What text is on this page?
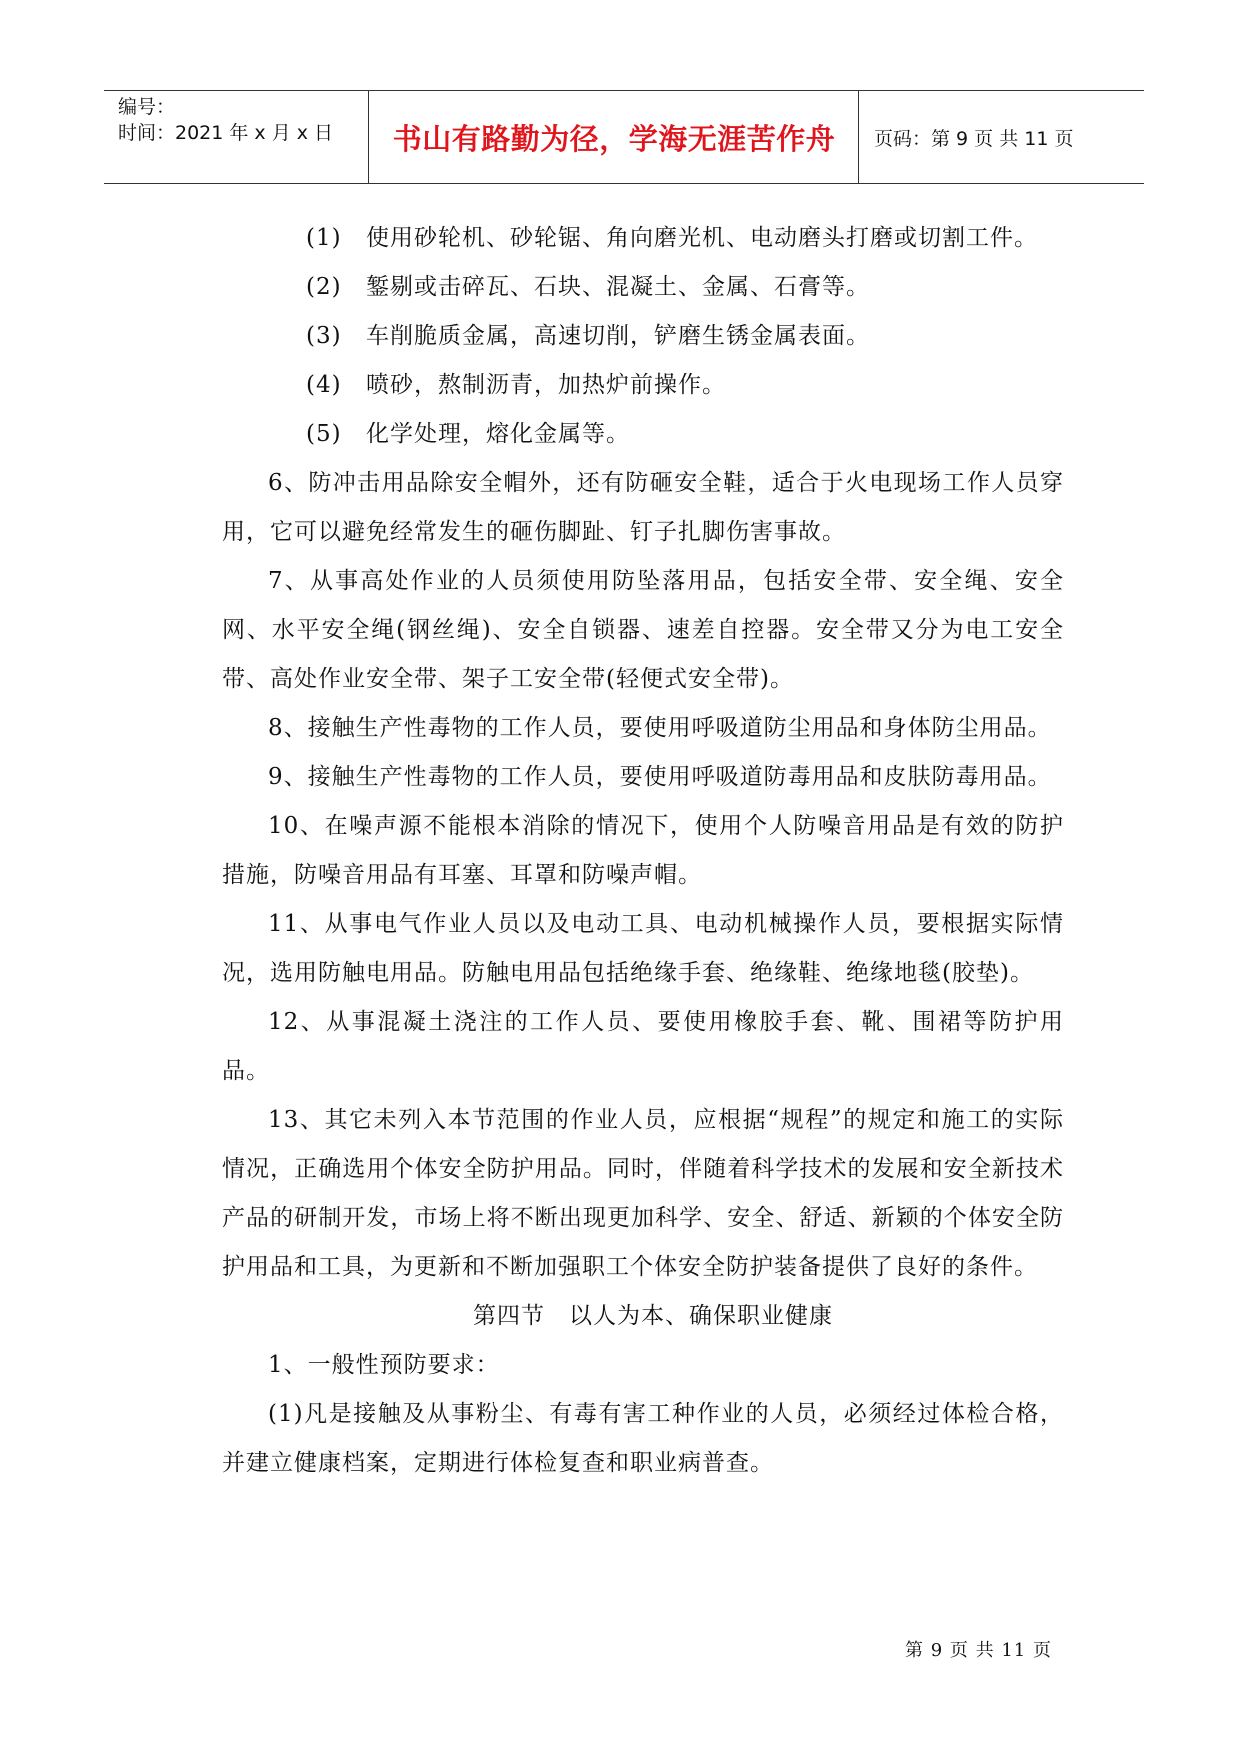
编号：
时间：2021 年 x 月 x 日	书山有路勤为径，学海无涯苦作舟	页码：第 9 页 共 11 页

(1) 使用砂轮机、砂轮锯、角向磨光机、电动磨头打磨或切割工件。

(2) 錾剔或击碎瓦、石块、混凝土、金属、石膏等。

(3) 车削脆质金属，高速切削，铲磨生锈金属表面。

(4) 喷砂，熬制沥青，加热炉前操作。

(5) 化学处理，熔化金属等。

6、防冲击用品除安全帽外，还有防砸安全鞋，适合于火电现场工作人员穿用，它可以避免经常发生的砸伤脚趾、钉子扎脚伤害事故。

7、从事高处作业的人员须使用防坠落用品，包括安全带、安全绳、安全网、水平安全绳(钢丝绳)、安全自锁器、速差自控器。安全带又分为电工安全带、高处作业安全带、架子工安全带(轻便式安全带)。

8、接触生产性毒物的工作人员，要使用呼吸道防尘用品和身体防尘用品。

9、接触生产性毒物的工作人员，要使用呼吸道防毒用品和皮肤防毒用品。

10、在噪声源不能根本消除的情况下，使用个人防噪音用品是有效的防护措施，防噪音用品有耳塞、耳罩和防噪声帽。

11、从事电气作业人员以及电动工具、电动机械操作人员，要根据实际情况，选用防触电用品。防触电用品包括绝缘手套、绝缘鞋、绝缘地毯(胶垫)。

12、从事混凝土浇注的工作人员、要使用橡胶手套、靴、围裙等防护用品。

13、其它未列入本节范围的作业人员，应根据“规程”的规定和施工的实际情况，正确选用个体安全防护用品。同时，伴随着科学技术的发展和安全新技术产品的研制开发，市场上将不断出现更加科学、安全、舒适、新颖的个体安全防护用品和工具，为更新和不断加强职工个体安全防护装备提供了良好的条件。

第四节　以人为本、确保职业健康

1、一般性预防要求：

(1)凡是接触及从事粉尘、有毒有害工种作业的人员，必须经过体检合格，并建立健康档案，定期进行体检复查和职业病普查。

第 9 页 共 11 页
